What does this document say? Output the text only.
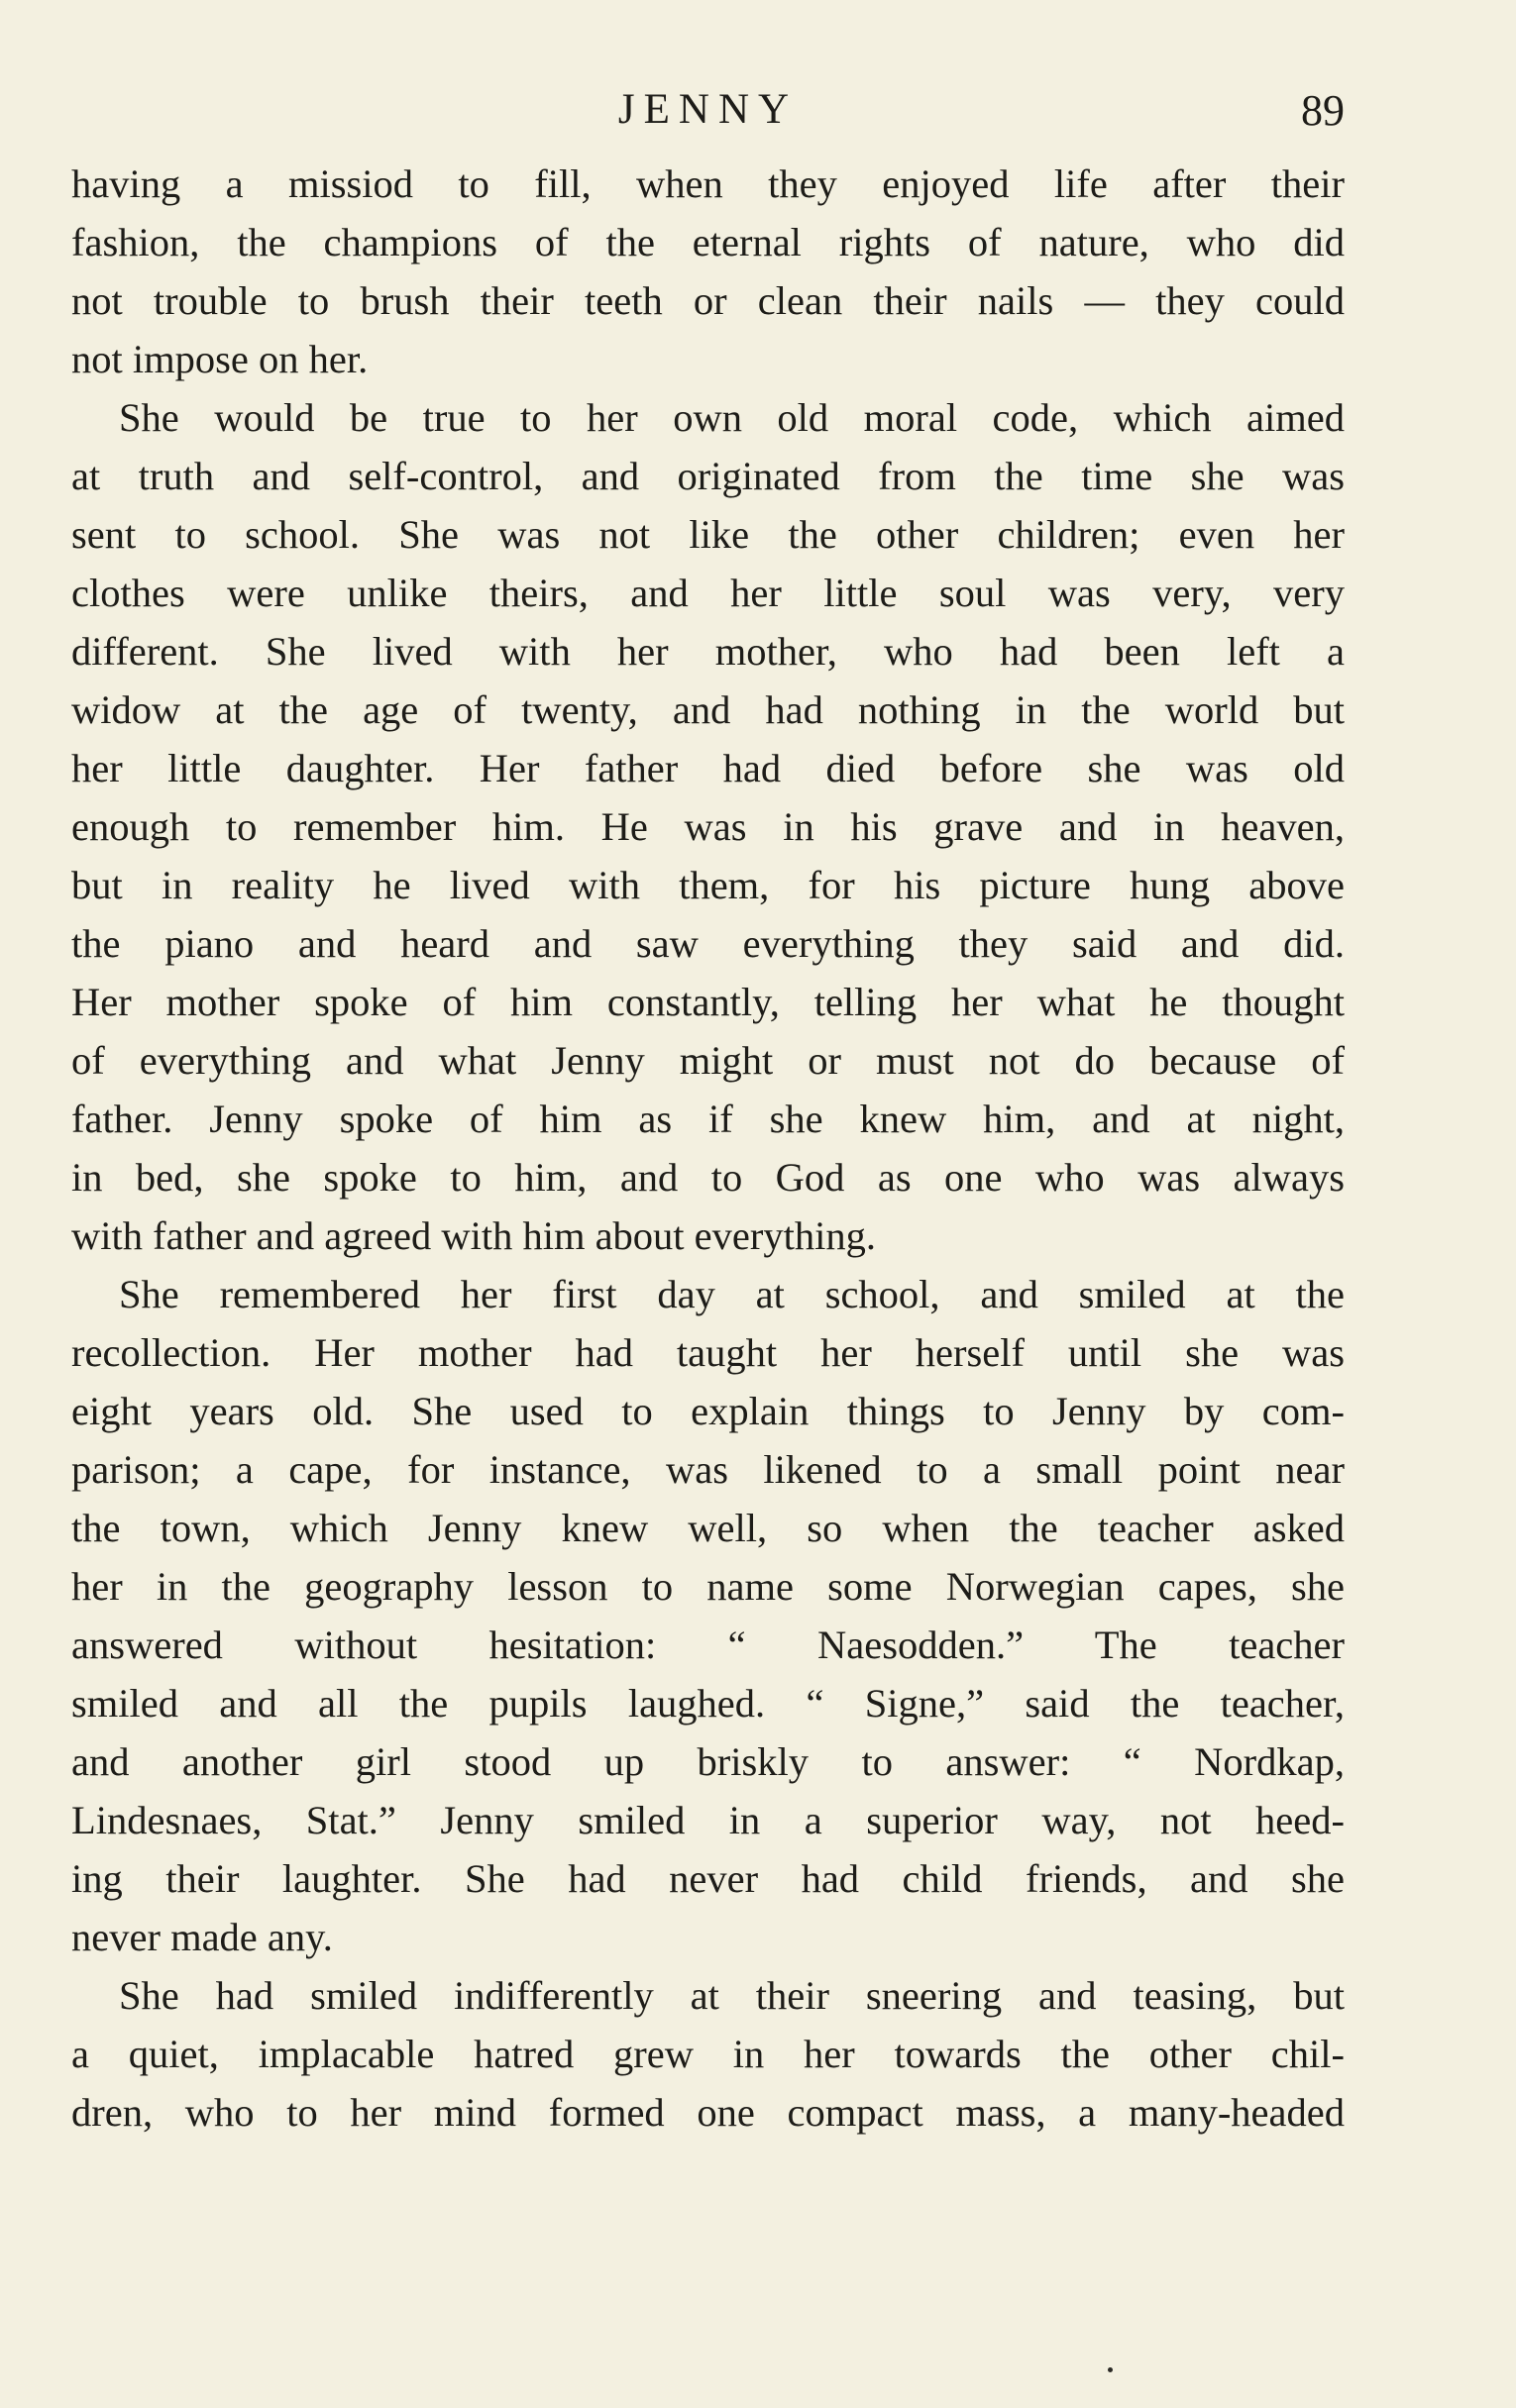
JENNY	89
having a missiod to fill, when they enjoyed life after their
fashion, the champions of the eternal rights of nature, who did
not trouble to brush their teeth or clean their nails — they could
not impose on her.
She would be true to her own old moral code, which aimed
at truth and self-control, and originated from the time she was
sent to school. She was not like the other children; even her
clothes were unlike theirs, and her little soul was very, very
different. She lived with her mother, who had been left a
widow at the age of twenty, and had nothing in the world but
her little daughter. Her father had died before she was old
enough to remember him. He was in his grave and in heaven,
but in reality he lived with them, for his picture hung above
the piano and heard and saw everything they said and did.
Her mother spoke of him constantly, telling her what he thought
of everything and what Jenny might or must not do because of
father. Jenny spoke of him as if she knew him, and at night,
in bed, she spoke to him, and to God as one who was always
with father and agreed with him about everything.
She remembered her first day at school, and smiled at the
recollection. Her mother had taught her herself until she was
eight years old. She used to explain things to Jenny by com-
parison; a cape, for instance, was likened to a small point near
the town, which Jenny knew well, so when the teacher asked
her in the geography lesson to name some Norwegian capes, she
answered without hesitation: “ Naesodden.” The teacher
smiled and all the pupils laughed. “ Signe,” said the teacher,
and another girl stood up briskly to answer: “ Nordkap,
Lindesnaes, Stat.” Jenny smiled in a superior way, not heed-
ing their laughter. She had never had child friends, and she
never made any.
She had smiled indifferently at their sneering and teasing, but
a quiet, implacable hatred grew in her towards the other chil-
dren, who to her mind formed one compact mass, a many-headed
